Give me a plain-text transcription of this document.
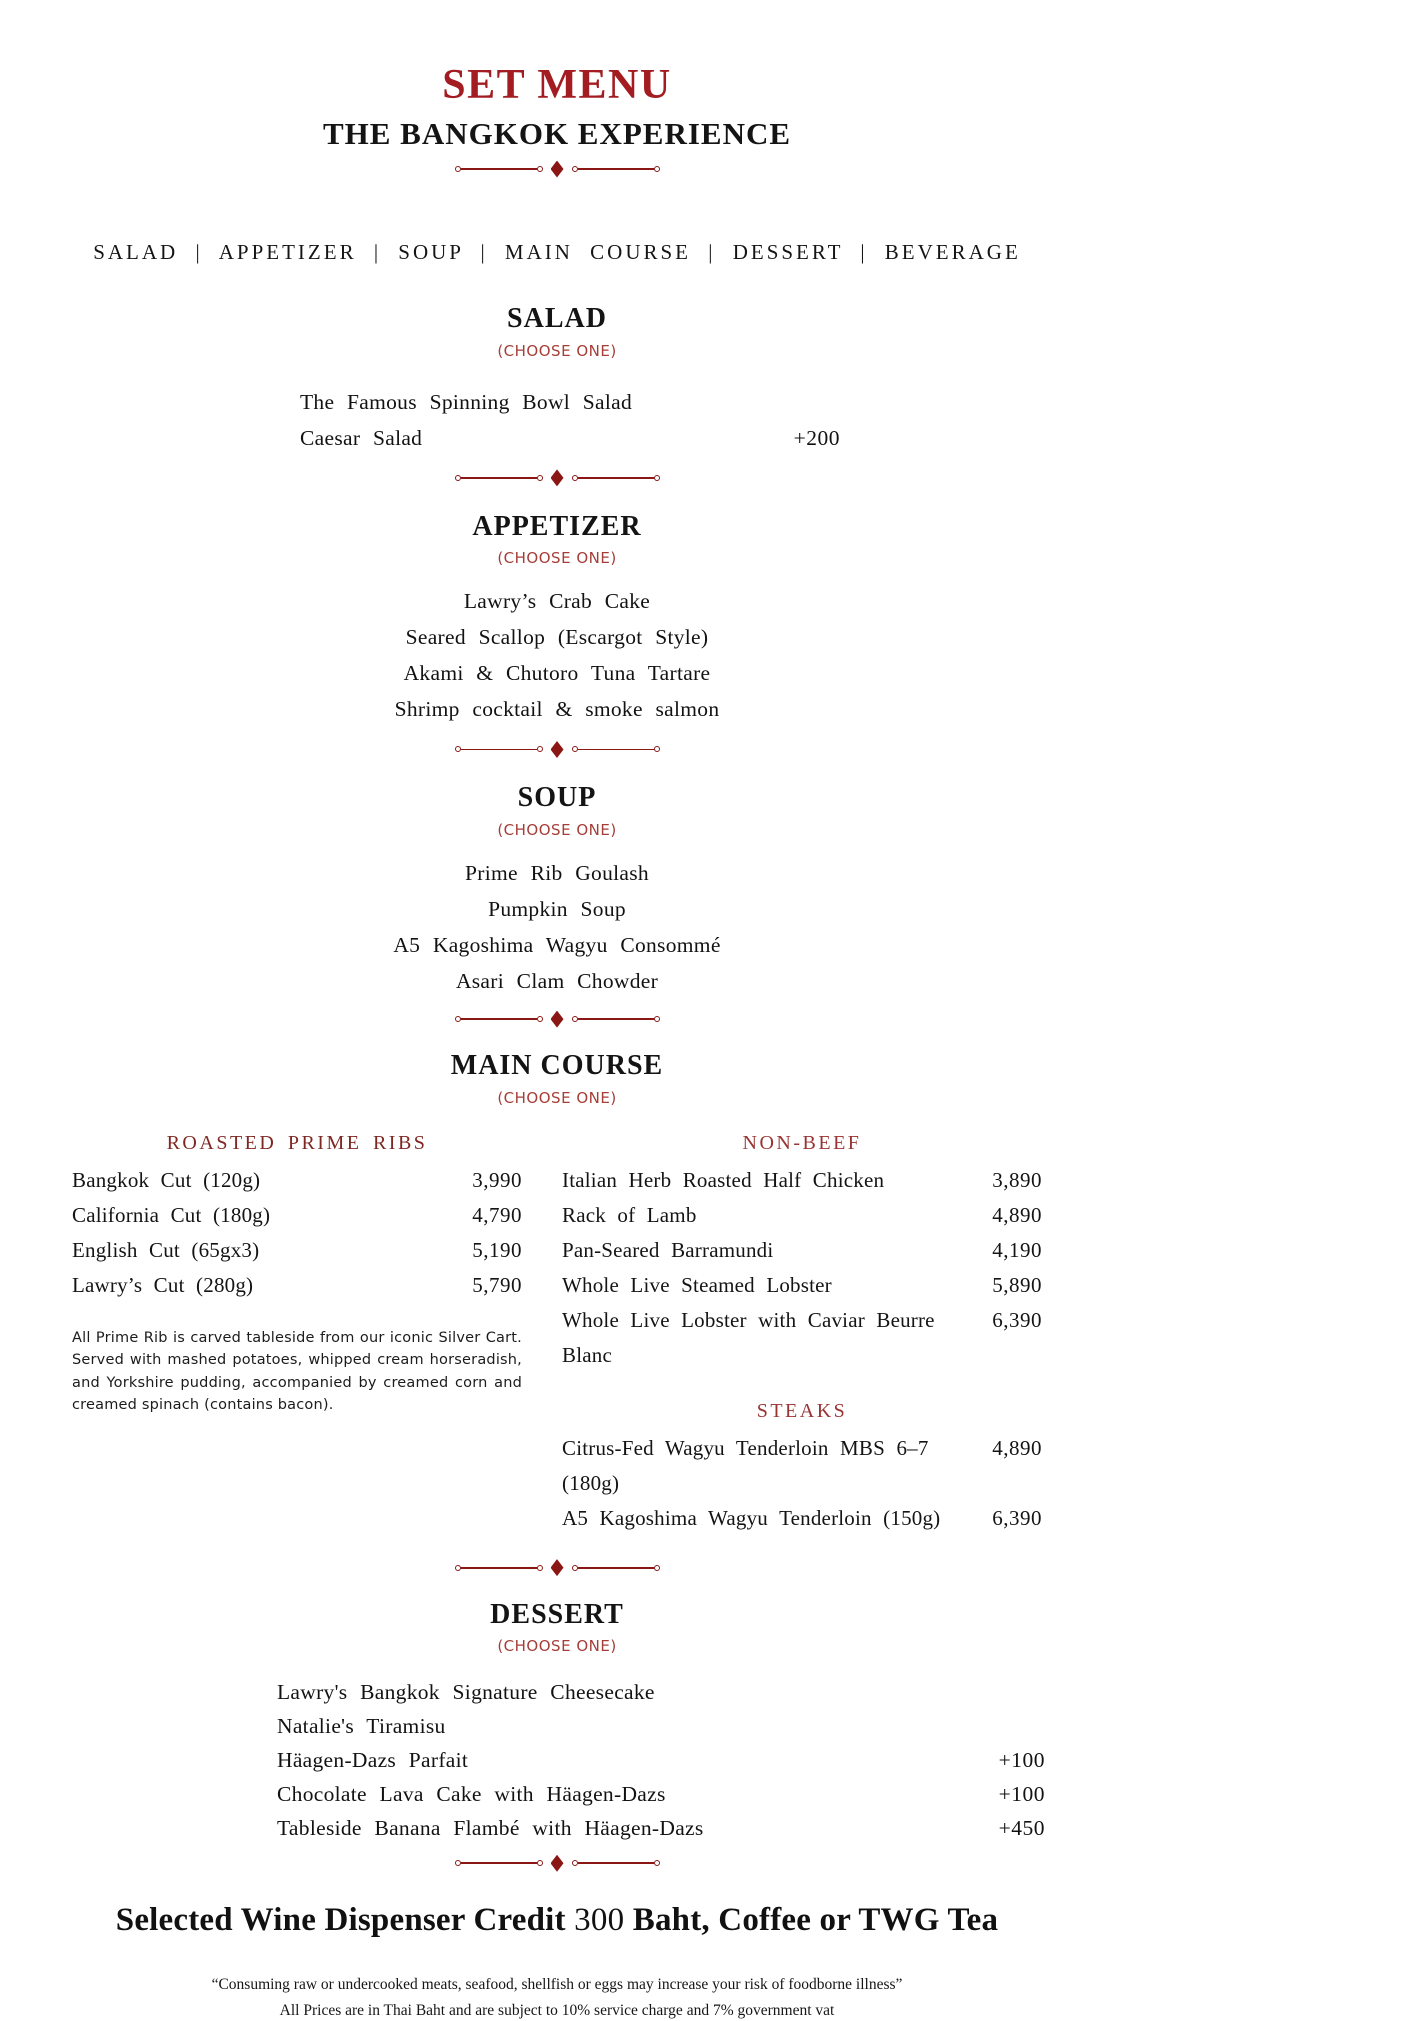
SET MENU
THE BANGKOK EXPERIENCE
SALAD | APPETIZER | SOUP | MAIN COURSE | DESSERT | BEVERAGE
SALAD
(CHOOSE ONE)
The Famous Spinning Bowl Salad
Caesar Salad	+200
APPETIZER
(CHOOSE ONE)
Lawry’s Crab Cake
Seared Scallop (Escargot Style)
Akami & Chutoro Tuna Tartare
Shrimp cocktail & smoke salmon
SOUP
(CHOOSE ONE)
Prime Rib Goulash
Pumpkin Soup
A5 Kagoshima Wagyu Consommé
Asari Clam Chowder
MAIN COURSE
(CHOOSE ONE)
ROASTED PRIME RIBS
Bangkok Cut (120g)	3,990
California Cut (180g)	4,790
English Cut (65gx3)	5,190
Lawry’s Cut (280g)	5,790
All Prime Rib is carved tableside from our iconic Silver Cart. Served with mashed potatoes, whipped cream horseradish, and Yorkshire pudding, accompanied by creamed corn and creamed spinach (contains bacon).
NON-BEEF
Italian Herb Roasted Half Chicken	3,890
Rack of Lamb	4,890
Pan-Seared Barramundi	4,190
Whole Live Steamed Lobster	5,890
Whole Live Lobster with Caviar Beurre Blanc
6,390
STEAKS
Citrus-Fed Wagyu Tenderloin MBS 6–7 (180g)
4,890
A5 Kagoshima Wagyu Tenderloin (150g) 6,390
DESSERT
(CHOOSE ONE)
Lawry's Bangkok Signature Cheesecake
Natalie's Tiramisu
Häagen-Dazs Parfait	+100
Chocolate Lava Cake with Häagen-Dazs	+100
Tableside Banana Flambé with Häagen-Dazs	+450
Selected Wine Dispenser Credit 300 Baht, Coffee or TWG Tea
“Consuming raw or undercooked meats, seafood, shellfish or eggs may increase your risk of foodborne illness”
All Prices are in Thai Baht and are subject to 10% service charge and 7% government vat
